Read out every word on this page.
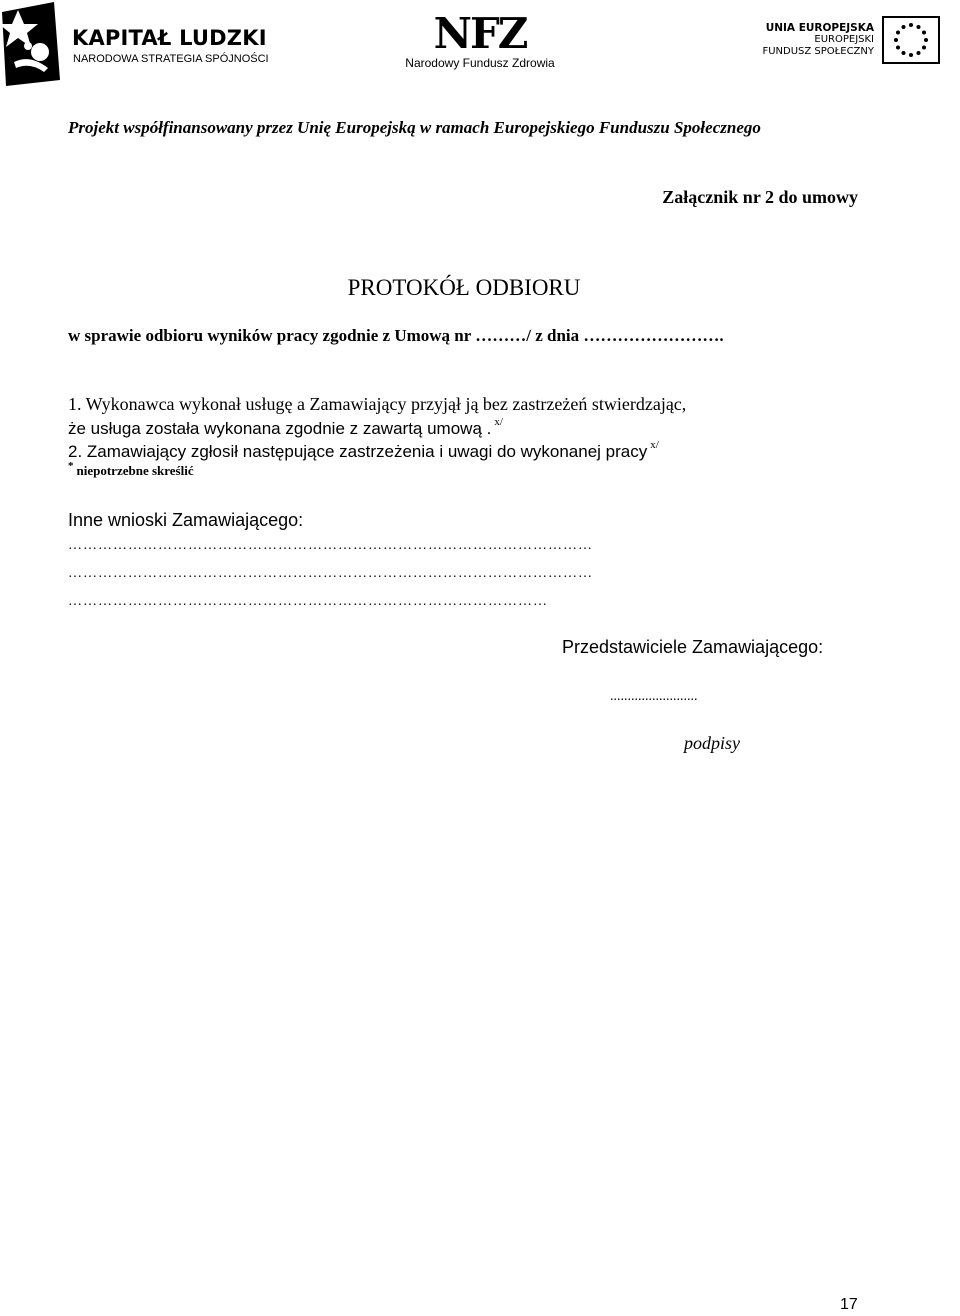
KAPITAŁ LUDZKI
NARODOWA STRATEGIA SPÓJNOŚCI
NFZ
Narodowy Fundusz Zdrowia
UNIA EUROPEJSKA
EUROPEJSKI
FUNDUSZ SPOŁECZNY
Projekt współfinansowany przez Unię Europejską w ramach Europejskiego Funduszu Społecznego
Załącznik nr 2 do umowy
PROTOKÓŁ ODBIORU
w sprawie odbioru wyników pracy zgodnie z Umową nr ………/ z dnia …………………….
1. Wykonawca wykonał usługę a Zamawiający przyjął ją bez zastrzeżeń stwierdzając,
że usługa została wykonana zgodnie z zawartą umową . $^{x/}$
2. Zamawiający zgłosił następujące zastrzeżenia i uwagi do wykonanej pracy $^{x/}$
* niepotrzebne skreślić
Inne wnioski Zamawiającego:
……………………………………………………………………………………………
……………………………………………………………………………………………
……………………………………………………………………………………
Przedstawiciele Zamawiającego:
.........................
podpisy
17
